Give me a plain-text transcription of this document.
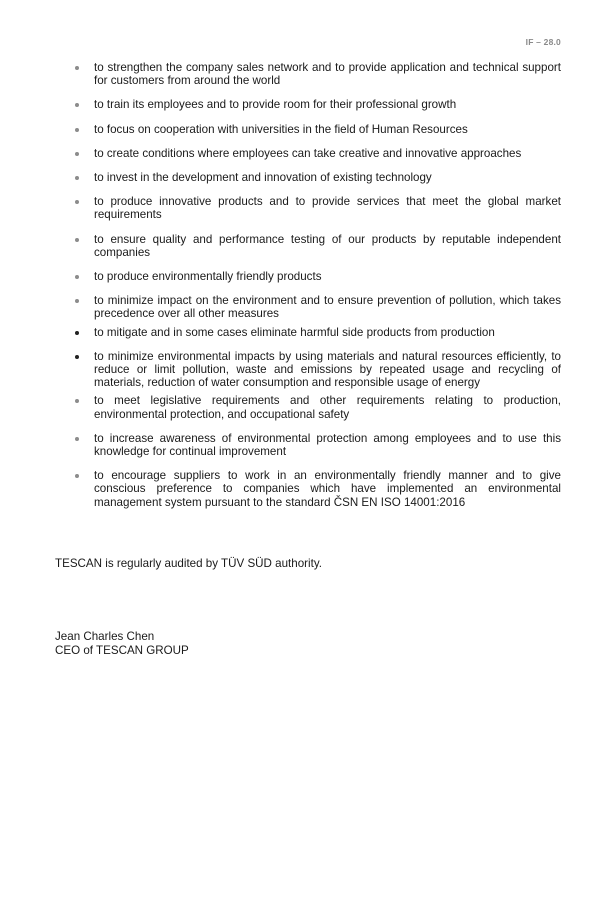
IF – 28.0
to strengthen the company sales network and to provide application and technical support for customers from around the world
to train its employees and to provide room for their professional growth
to focus on cooperation with universities in the field of Human Resources
to create conditions where employees can take creative and innovative approaches
to invest in the development and innovation of existing technology
to produce innovative products and to provide services that meet the global market requirements
to ensure quality and performance testing of our products by reputable independent companies
to produce environmentally friendly products
to minimize impact on the environment and to ensure prevention of pollution, which takes precedence over all other measures
to mitigate and in some cases eliminate harmful side products from production
to minimize environmental impacts by using materials and natural resources efficiently, to reduce or limit pollution, waste and emissions by repeated usage and recycling of materials, reduction of water consumption and responsible usage of energy
to meet legislative requirements and other requirements relating to production, environmental protection, and occupational safety
to increase awareness of environmental protection among employees and to use this knowledge for continual improvement
to encourage suppliers to work in an environmentally friendly manner and to give conscious preference to companies which have implemented an environmental management system pursuant to the standard ČSN EN ISO 14001:2016
TESCAN is regularly audited by TÜV SÜD authority.
Jean Charles Chen
CEO of TESCAN GROUP
